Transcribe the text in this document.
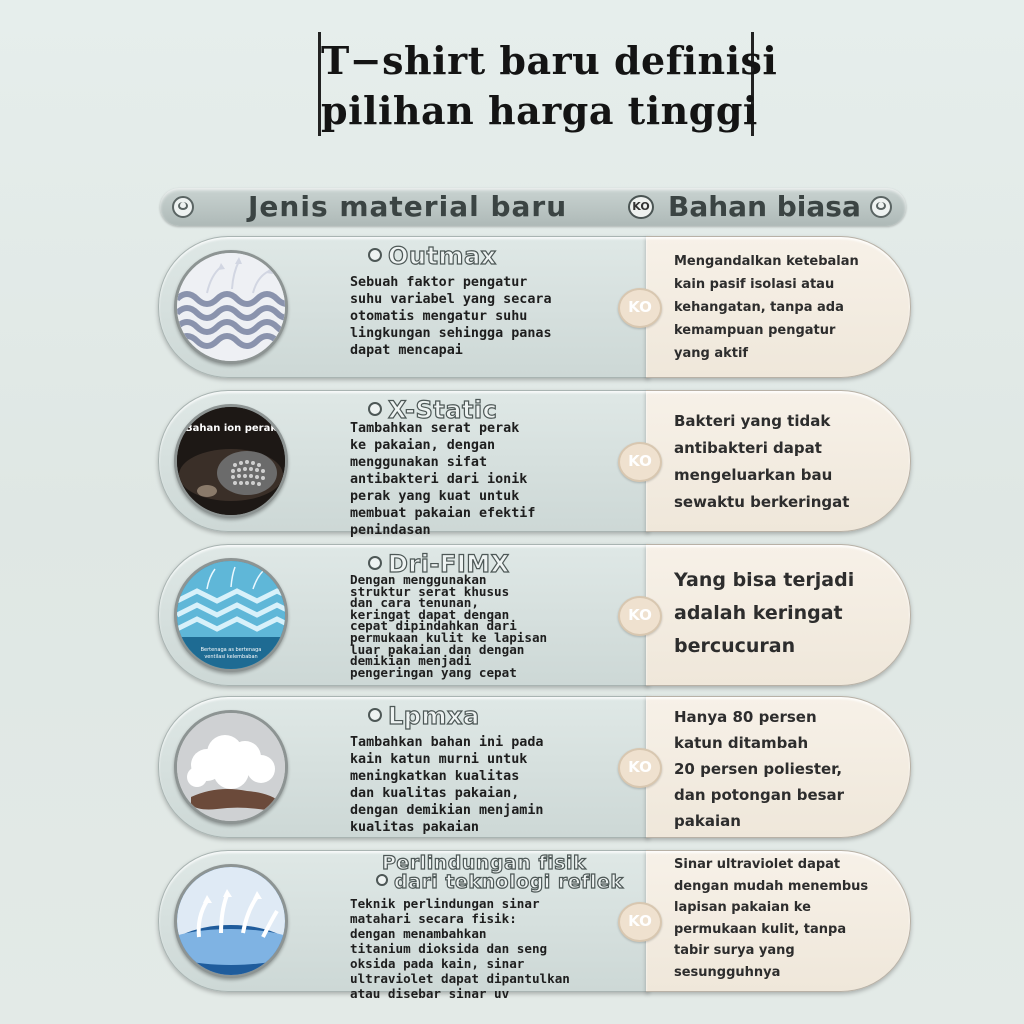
T−shirt baru definisi
pilihan harga tinggi
Jenis material baru	KO Bahan biasa
Outmax
Sebuah faktor pengatur
suhu variabel yang secara
otomatis mengatur suhu
lingkungan sehingga panas
dapat mencapai
KO
Mengandalkan ketebalan
kain pasif isolasi atau
kehangatan, tanpa ada
kemampuan pengatur
yang aktif
Bahan ion perak
X-Static
Tambahkan serat perak
ke pakaian, dengan
menggunakan sifat
antibakteri dari ionik
perak yang kuat untuk
membuat pakaian efektif
penindasan
KO
Bakteri yang tidak
antibakteri dapat
mengeluarkan bau
sewaktu berkeringat
Bertenaga as bertenaga ventilasi kelembaban
Dri-FIMX
Dengan menggunakan
struktur serat khusus
dan cara tenunan,
keringat dapat dengan
cepat dipindahkan dari
permukaan kulit ke lapisan
luar pakaian dan dengan
demikian menjadi
pengeringan yang cepat
KO
Yang bisa terjadi
adalah keringat
bercucuran
Lpmxa
Tambahkan bahan ini pada
kain katun murni untuk
meningkatkan kualitas
dan kualitas pakaian,
dengan demikian menjamin
kualitas pakaian
KO
Hanya 80 persen
katun ditambah
20 persen poliester,
dan potongan besar
pakaian
Perlindungan fisik
dari teknologi reflek
Teknik perlindungan sinar
matahari secara fisik:
dengan menambahkan
titanium dioksida dan seng
oksida pada kain, sinar
ultraviolet dapat dipantulkan
atau disebar sinar uv
KO
Sinar ultraviolet dapat
dengan mudah menembus
lapisan pakaian ke
permukaan kulit, tanpa
tabir surya yang
sesungguhnya
